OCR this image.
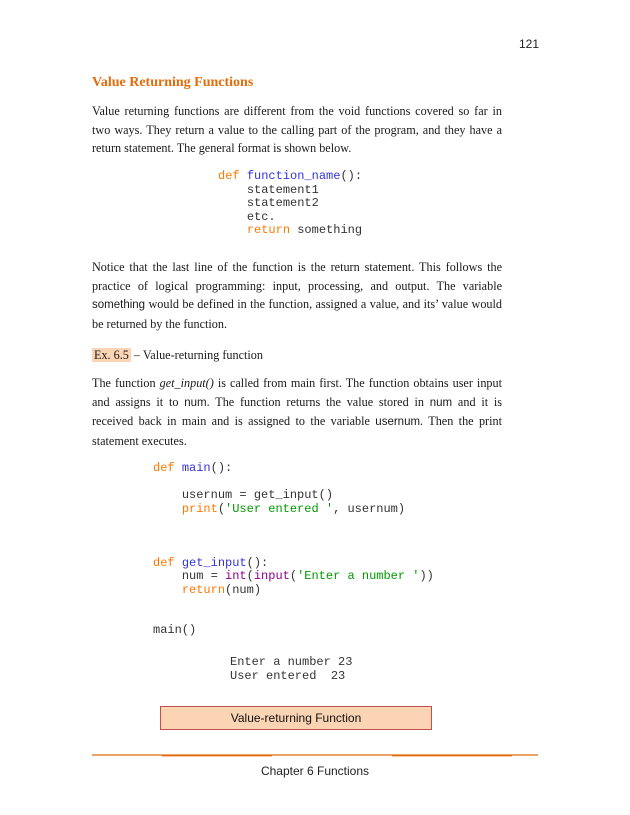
121
Value Returning Functions
Value returning functions are different from the void functions covered so far in two ways. They return a value to the calling part of the program, and they have a return statement. The general format is shown below.
def function_name():
statement1
statement2
etc.
return something
Notice that the last line of the function is the return statement. This follows the practice of logical programming: input, processing, and output. The variable something would be defined in the function, assigned a value, and its’ value would be returned by the function.
Ex. 6.5 – Value-returning function
The function get_input() is called from main first. The function obtains user input and assigns it to num. The function returns the value stored in num and it is received back in main and is assigned to the variable usernum. Then the print statement executes.
def main():

usernum = get_input()
print('User entered ', usernum)

def get_input():
num = int(input('Enter a number '))
return(num)

main()
Enter a number 23
User entered  23
Value-returning Function
Chapter 6 Functions
